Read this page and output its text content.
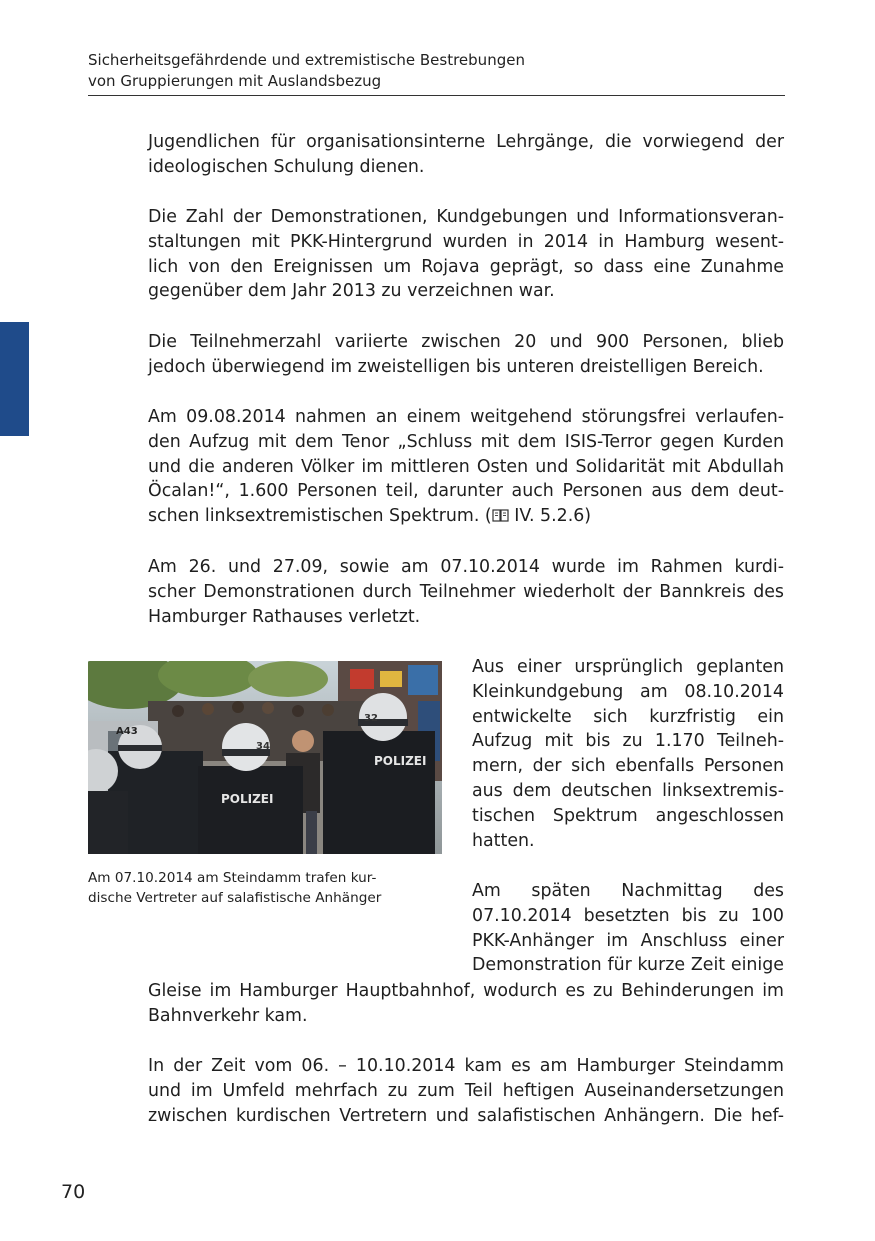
Sicherheitsgefährdende und extremistische Bestrebungen
von Gruppierungen mit Auslandsbezug

Jugendlichen für organisationsinterne Lehrgänge, die vorwiegend der
ideologischen Schulung dienen.

Die Zahl der Demonstrationen, Kundgebungen und Informationsveran-
staltungen mit PKK-Hintergrund wurden in 2014 in Hamburg wesent-
lich von den Ereignissen um Rojava geprägt, so dass eine Zunahme
gegenüber dem Jahr 2013 zu verzeichnen war.

Die Teilnehmerzahl variierte zwischen 20 und 900 Personen, blieb
jedoch überwiegend im zweistelligen bis unteren dreistelligen Bereich.

Am 09.08.2014 nahmen an einem weitgehend störungsfrei verlaufen-
den Aufzug mit dem Tenor „Schluss mit dem ISIS-Terror gegen Kurden
und die anderen Völker im mittleren Osten und Solidarität mit Abdullah
Öcalan!“, 1.600 Personen teil, darunter auch Personen aus dem deut-
schen linksextremistischen Spektrum. ( IV. 5.2.6)

Am 26. und 27.09, sowie am 07.10.2014 wurde im Rahmen kurdi-
scher Demonstrationen durch Teilnehmer wiederholt der Bannkreis des
Hamburger Rathauses verletzt.

A43
34
POLIZEI
32
POLIZEI
Am 07.10.2014 am Steindamm trafen kur-
dische Vertreter auf salafistische Anhänger

Aus einer ursprünglich geplanten
Kleinkundgebung am 08.10.2014
entwickelte sich kurzfristig ein
Aufzug mit bis zu 1.170 Teilneh-
mern, der sich ebenfalls Personen
aus dem deutschen linksextremis-
tischen Spektrum angeschlossen
hatten.

Am späten Nachmittag des
07.10.2014 besetzten bis zu 100
PKK-Anhänger im Anschluss einer
Demonstration für kurze Zeit einige

Gleise im Hamburger Hauptbahnhof, wodurch es zu Behinderungen im
Bahnverkehr kam.

In der Zeit vom 06. – 10.10.2014 kam es am Hamburger Steindamm
und im Umfeld mehrfach zu zum Teil heftigen Auseinandersetzungen
zwischen kurdischen Vertretern und salafistischen Anhängern. Die hef-

70
